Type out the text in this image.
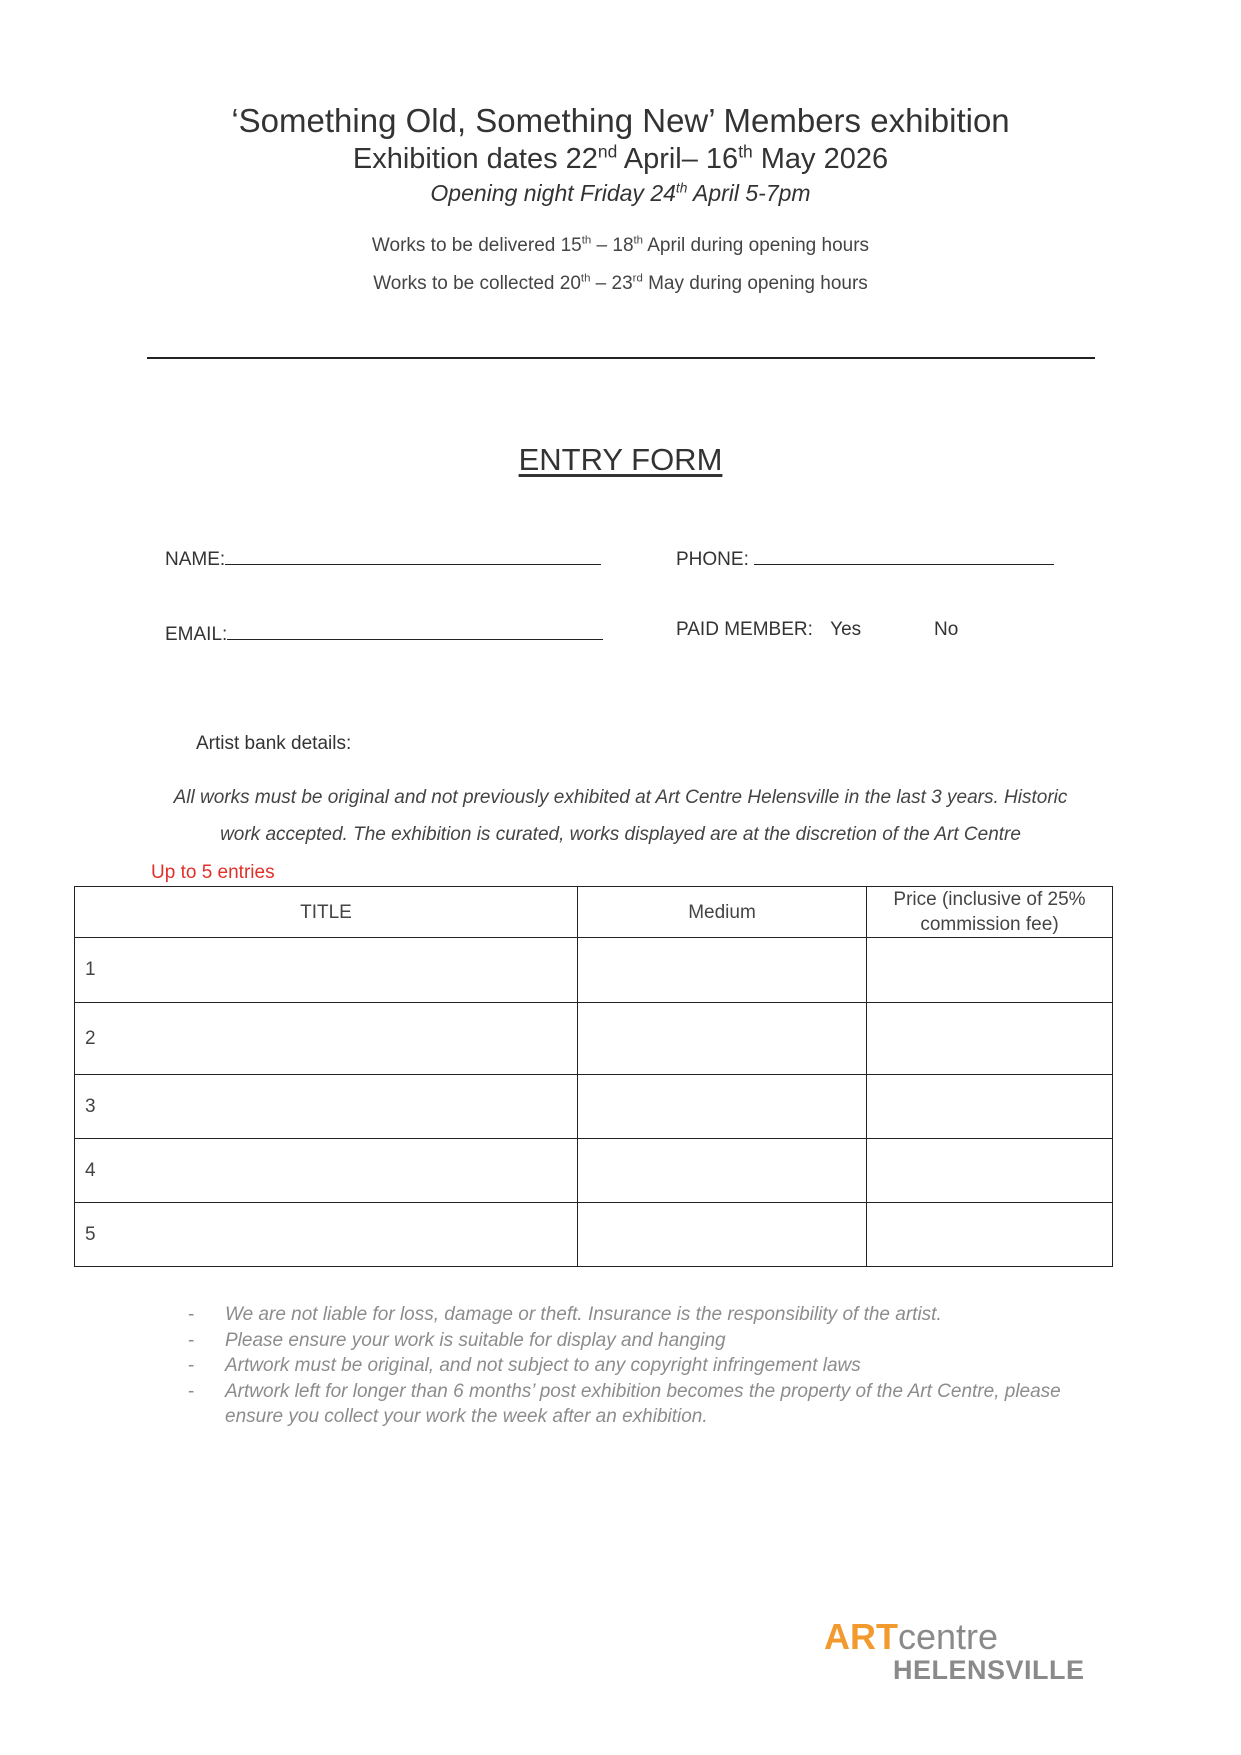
‘Something Old, Something New’ Members exhibition
Exhibition dates 22nd April– 16th May 2026
Opening night Friday 24th April 5-7pm
Works to be delivered 15th – 18th April during opening hours
Works to be collected 20th – 23rd May during opening hours
ENTRY FORM
NAME:	PHONE:
EMAIL:	PAID MEMBER: Yes	No
Artist bank details:
All works must be original and not previously exhibited at Art Centre Helensville in the last 3 years. Historic
work accepted. The exhibition is curated, works displayed are at the discretion of the Art Centre
Up to 5 entries
TITLE	Medium	Price (inclusive of 25% commission fee)
1		
2		
3		
4		
5		
- We are not liable for loss, damage or theft. Insurance is the responsibility of the artist.
- Please ensure your work is suitable for display and hanging
- Artwork must be original, and not subject to any copyright infringement laws
- Artwork left for longer than 6 months’ post exhibition becomes the property of the Art Centre, please ensure you collect your work the week after an exhibition.
ARTcentre
HELENSVILLE
